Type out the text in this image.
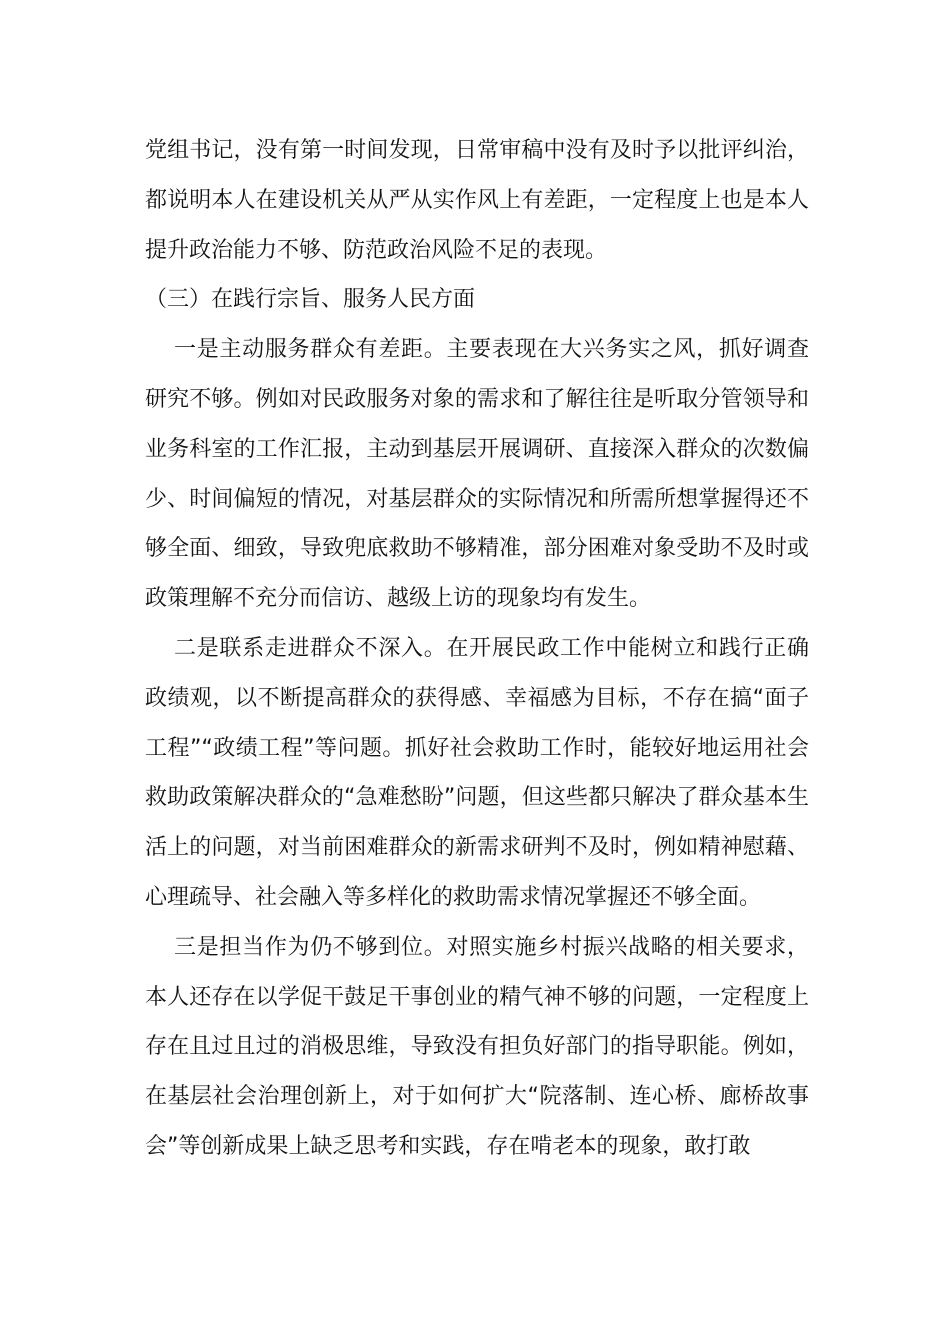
党组书记，没有第一时间发现，日常审稿中没有及时予以批评纠治，都说明本人在建设机关从严从实作风上有差距，一定程度上也是本人提升政治能力不够、防范政治风险不足的表现。

（三）在践行宗旨、服务人民方面

一是主动服务群众有差距。主要表现在大兴务实之风，抓好调查研究不够。例如对民政服务对象的需求和了解往往是听取分管领导和业务科室的工作汇报，主动到基层开展调研、直接深入群众的次数偏少、时间偏短的情况，对基层群众的实际情况和所需所想掌握得还不够全面、细致，导致兜底救助不够精准，部分困难对象受助不及时或政策理解不充分而信访、越级上访的现象均有发生。

二是联系走进群众不深入。在开展民政工作中能树立和践行正确政绩观，以不断提高群众的获得感、幸福感为目标，不存在搞“面子工程”“政绩工程”等问题。抓好社会救助工作时，能较好地运用社会救助政策解决群众的“急难愁盼”问题，但这些都只解决了群众基本生活上的问题，对当前困难群众的新需求研判不及时，例如精神慰藉、心理疏导、社会融入等多样化的救助需求情况掌握还不够全面。

三是担当作为仍不够到位。对照实施乡村振兴战略的相关要求，本人还存在以学促干鼓足干事创业的精气神不够的问题，一定程度上存在且过且过的消极思维，导致没有担负好部门的指导职能。例如，在基层社会治理创新上，对于如何扩大“院落制、连心桥、廊桥故事会”等创新成果上缺乏思考和实践，存在啃老本的现象，敢打敢
